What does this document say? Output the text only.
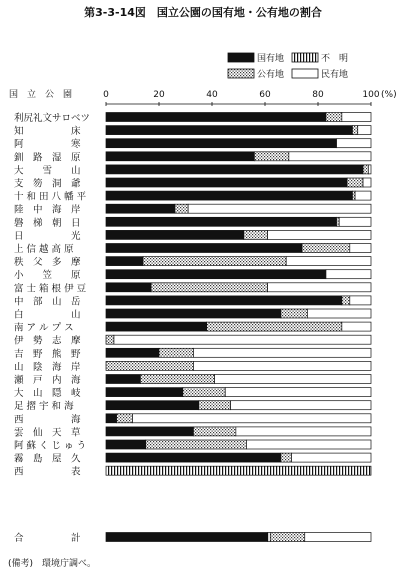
第3-3-14図　国立公園の国有地・公有地の割合
国有地	不　明
公有地	民有地
国　立　公　園	0	20	40	60	80	100 (%)
利尻礼文サロベツ
知　　　　　床
阿　　　　　寒
釧　路　湿　原
大　　雪　　山
支　笏　洞　爺
十 和 田 八 幡 平
陸　中　海　岸
磐　梯　朝　日
日　　　　　光
上 信 越 高 原
秩　父　多　摩
小　　笠　　原
富 士 箱 根 伊 豆
中　部　山　岳
白　　　　　山
南 ア ル プ ス
伊　勢　志　摩
吉　野　熊　野
山　陰　海　岸
瀬　戸　内　海
大　山　隠　岐
足 摺 宇 和 海
西　　　　　海
雲　仙　天　草
阿 蘇 く じ ゅ う
霧　島　屋　久
西　　　　　表
合　　　　　計
(備考)　環境庁調べ。
